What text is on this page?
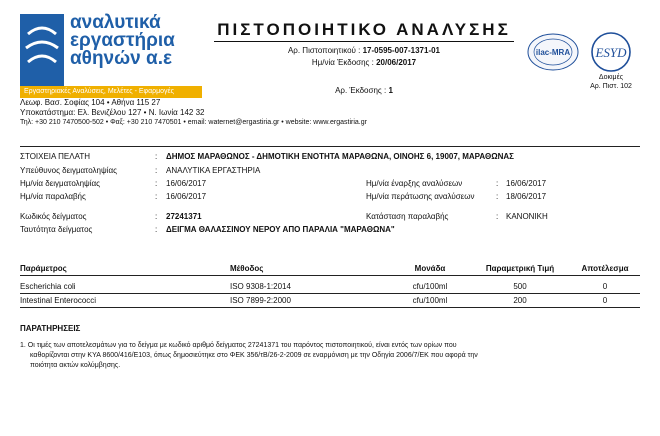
αναλυτικά
εργαστήρια
αθηνών α.ε
Εργαστηριακές Αναλύσεις, Μελέτες - Εφαρμογές
ΠΙΣΤΟΠΟΙΗΤΙΚΟ ΑΝΑΛΥΣΗΣ
Αρ. Πιστοποιητικού : 17-0595-007-1371-01
Ημ/νία Έκδοσης : 20/06/2017
Αρ. Έκδοσης : 1
ilac-MRA ESYD
Δοκιμές
Αρ. Πιστ. 102
Λεωφ. Βασ. Σοφίας 104 • Αθήνα 115 27
Υποκατάστημα: Ελ. Βενιζέλου 127 • Ν. Ιωνία 142 32
Τηλ: +30 210 7470500-502 • Φαξ: +30 210 7470501 • email: waternet@ergastiria.gr • website: www.ergastiria.gr
ΣΤΟΙΧΕΙΑ ΠΕΛΑΤΗ	: ΔΗΜΟΣ ΜΑΡΑΘΩΝΟΣ - ΔΗΜΟΤΙΚΗ ΕΝΟΤΗΤΑ ΜΑΡΑΘΩΝΑ, ΟΙΝΟΗΣ 6, 19007, ΜΑΡΑΘΩΝΑΣ
Υπεύθυνος δειγματοληψίας	: ΑΝΑΛΥΤΙΚΑ ΕΡΓΑΣΤΗΡΙΑ
Ημ/νία δειγματοληψίας	: 16/06/2017
Ημ/νία παραλαβής	: 16/06/2017
Ημ/νία έναρξης αναλύσεων	: 16/06/2017
Ημ/νία περάτωσης αναλύσεων	: 18/06/2017
Κωδικός δείγματος	: 27241371
Ταυτότητα δείγματος	: ΔΕΙΓΜΑ ΘΑΛΑΣΣΙΝΟΥ ΝΕΡΟΥ ΑΠΟ ΠΑΡΑΛΙΑ "ΜΑΡΑΘΩΝΑ"
Κατάσταση παραλαβής	: ΚΑΝΟΝΙΚΗ
Παράμετρος	Μέθοδος	Μονάδα	Παραμετρική Τιμή	Αποτέλεσμα

Escherichia coli	ISO 9308-1:2014	cfu/100ml	500	0
Intestinal Enterococci	ISO 7899-2:2000	cfu/100ml	200	0
ΠΑΡΑΤΗΡΗΣΕΙΣ
1. Οι τιμές των αποτελεσμάτων για το δείγμα με κωδικό αριθμό δείγματος 27241371 του παρόντος πιστοποιητικού, είναι εντός των ορίων που
καθορίζονται στην ΚΥΑ 8600/416/Ε103, όπως δημοσιεύτηκε στο ΦΕΚ 356/τΒ/26-2-2009 σε εναρμόνιση με την Οδηγία 2006/7/ΕΚ που αφορά την
ποιότητα ακτών κολύμβησης.
